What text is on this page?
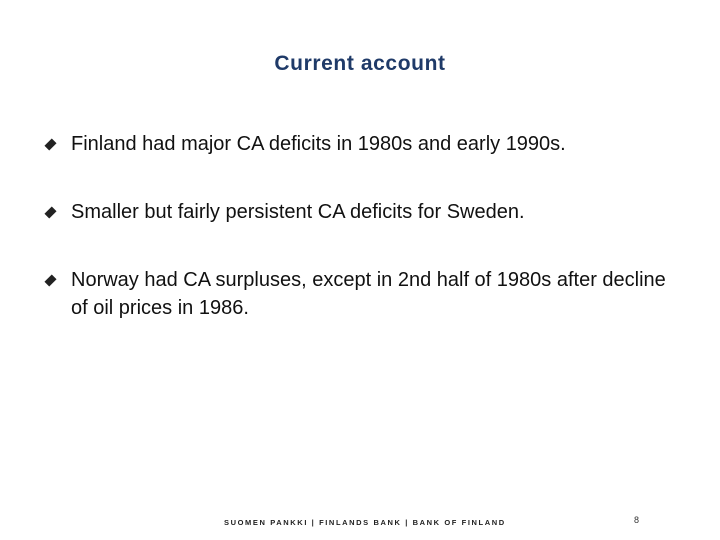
Current account
Finland had major CA deficits in 1980s and early 1990s.
Smaller but fairly persistent CA deficits for Sweden.
Norway had CA surpluses, except in 2nd half of 1980s after decline of oil prices in 1986.
SUOMEN PANKKI | FINLANDS BANK | BANK OF FINLAND	8
